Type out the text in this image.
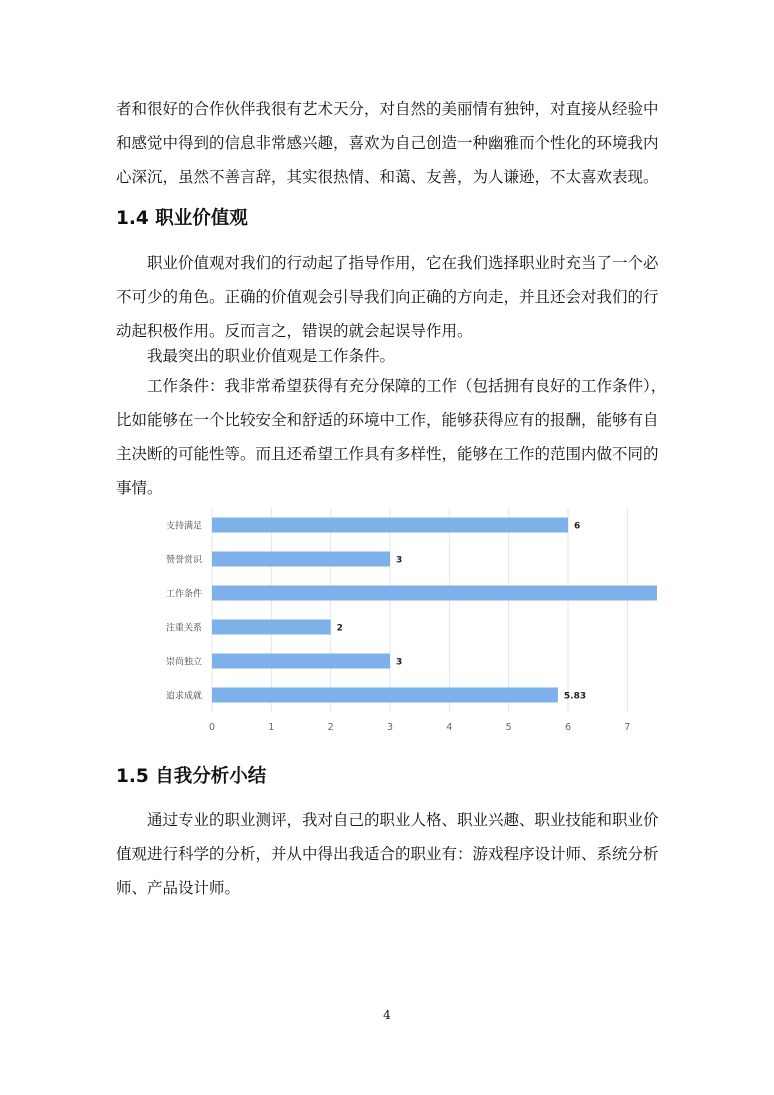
者和很好的合作伙伴我很有艺术天分，对自然的美丽情有独钟，对直接从经验中
和感觉中得到的信息非常感兴趣，喜欢为自己创造一种幽雅而个性化的环境我内
心深沉，虽然不善言辞，其实很热情、和蔼、友善，为人谦逊，不太喜欢表现。
1.4 职业价值观
职业价值观对我们的行动起了指导作用，它在我们选择职业时充当了一个必
不可少的角色。正确的价值观会引导我们向正确的方向走，并且还会对我们的行
动起积极作用。反而言之，错误的就会起误导作用。
我最突出的职业价值观是工作条件。
工作条件：我非常希望获得有充分保障的工作（包括拥有良好的工作条件），
比如能够在一个比较安全和舒适的环境中工作，能够获得应有的报酬，能够有自
主决断的可能性等。而且还希望工作具有多样性，能够在工作的范围内做不同的
事情。
0	1	2	3	4	5	6	7
支持满足	6
赞誉赏识	3
工作条件
注重关系	2
崇尚独立	3
追求成就	5.83
1.5 自我分析小结
通过专业的职业测评，我对自己的职业人格、职业兴趣、职业技能和职业价
值观进行科学的分析，并从中得出我适合的职业有：游戏程序设计师、系统分析
师、产品设计师。
4
